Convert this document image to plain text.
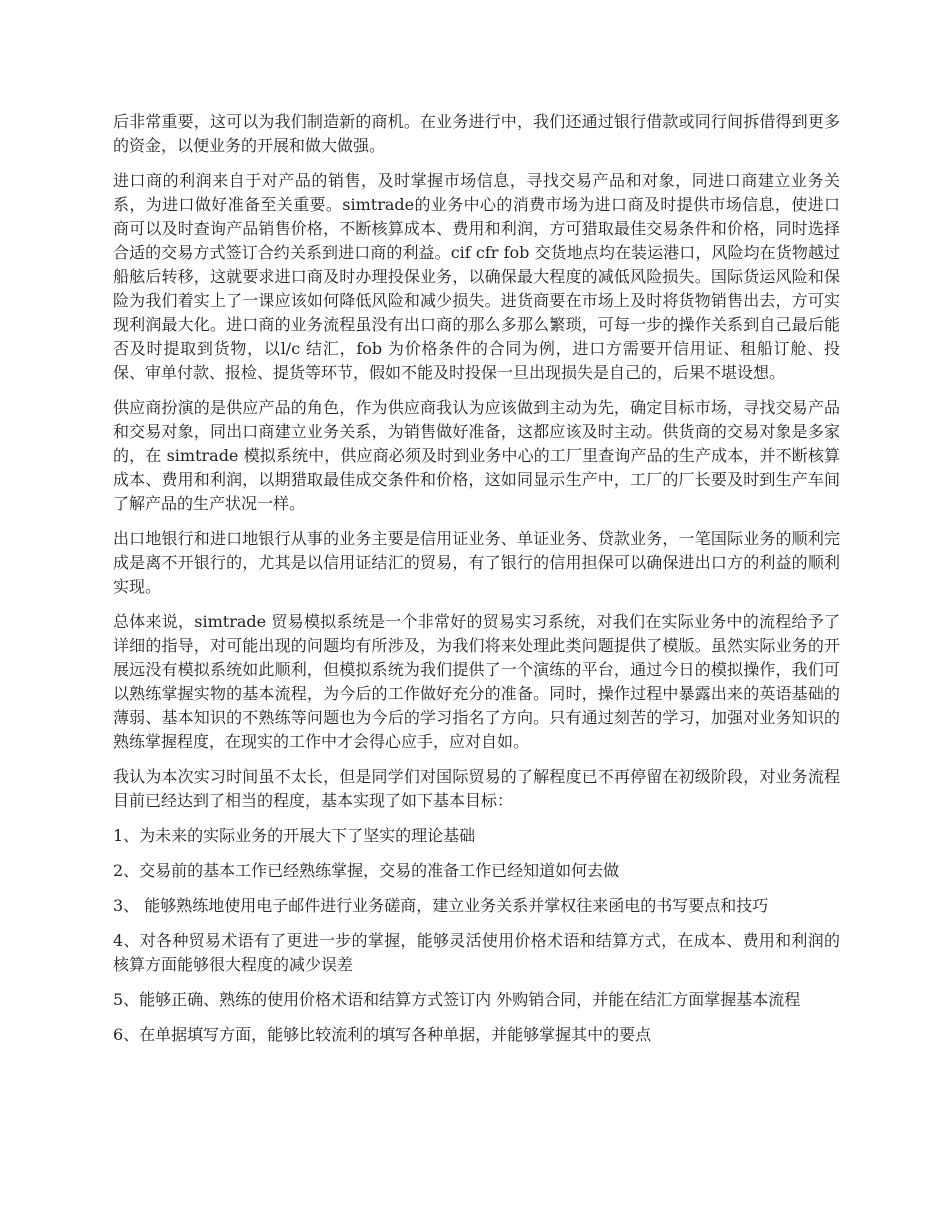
后非常重要，这可以为我们制造新的商机。在业务进行中，我们还通过银行借款或同行间拆借得到更多的资金，以便业务的开展和做大做强。

进口商的利润来自于对产品的销售，及时掌握市场信息，寻找交易产品和对象，同进口商建立业务关系，为进口做好准备至关重要。simtrade的业务中心的消费市场为进口商及时提供市场信息，使进口商可以及时查询产品销售价格，不断核算成本、费用和利润，方可猎取最佳交易条件和价格，同时选择合适的交易方式签订合约关系到进口商的利益。cif cfr fob 交货地点均在装运港口，风险均在货物越过船舷后转移，这就要求进口商及时办理投保业务，以确保最大程度的减低风险损失。国际货运风险和保险为我们着实上了一课应该如何降低风险和减少损失。进货商要在市场上及时将货物销售出去，方可实现利润最大化。进口商的业务流程虽没有出口商的那么多那么繁琐，可每一步的操作关系到自己最后能否及时提取到货物，以l/c 结汇，fob 为价格条件的合同为例，进口方需要开信用证、租船订舱、投保、审单付款、报检、提货等环节，假如不能及时投保一旦出现损失是自己的，后果不堪设想。

供应商扮演的是供应产品的角色，作为供应商我认为应该做到主动为先，确定目标市场，寻找交易产品和交易对象，同出口商建立业务关系，为销售做好准备，这都应该及时主动。供货商的交易对象是多家的，在 simtrade 模拟系统中，供应商必须及时到业务中心的工厂里查询产品的生产成本，并不断核算成本、费用和利润，以期猎取最佳成交条件和价格，这如同显示生产中，工厂的厂长要及时到生产车间了解产品的生产状况一样。

出口地银行和进口地银行从事的业务主要是信用证业务、单证业务、贷款业务，一笔国际业务的顺利完成是离不开银行的，尤其是以信用证结汇的贸易，有了银行的信用担保可以确保进出口方的利益的顺利实现。

总体来说，simtrade 贸易模拟系统是一个非常好的贸易实习系统，对我们在实际业务中的流程给予了详细的指导，对可能出现的问题均有所涉及，为我们将来处理此类问题提供了模版。虽然实际业务的开展远没有模拟系统如此顺利，但模拟系统为我们提供了一个演练的平台，通过今日的模拟操作，我们可以熟练掌握实物的基本流程，为今后的工作做好充分的准备。同时，操作过程中暴露出来的英语基础的薄弱、基本知识的不熟练等问题也为今后的学习指名了方向。只有通过刻苦的学习，加强对业务知识的熟练掌握程度，在现实的工作中才会得心应手，应对自如。

我认为本次实习时间虽不太长，但是同学们对国际贸易的了解程度已不再停留在初级阶段，对业务流程目前已经达到了相当的程度，基本实现了如下基本目标：

1、为未来的实际业务的开展大下了坚实的理论基础

2、交易前的基本工作已经熟练掌握，交易的准备工作已经知道如何去做

3、 能够熟练地使用电子邮件进行业务磋商，建立业务关系并掌权往来函电的书写要点和技巧

4、对各种贸易术语有了更进一步的掌握，能够灵活使用价格术语和结算方式，在成本、费用和利润的核算方面能够很大程度的减少误差

5、能够正确、熟练的使用价格术语和结算方式签订内 外购销合同，并能在结汇方面掌握基本流程

6、在单据填写方面，能够比较流利的填写各种单据，并能够掌握其中的要点
